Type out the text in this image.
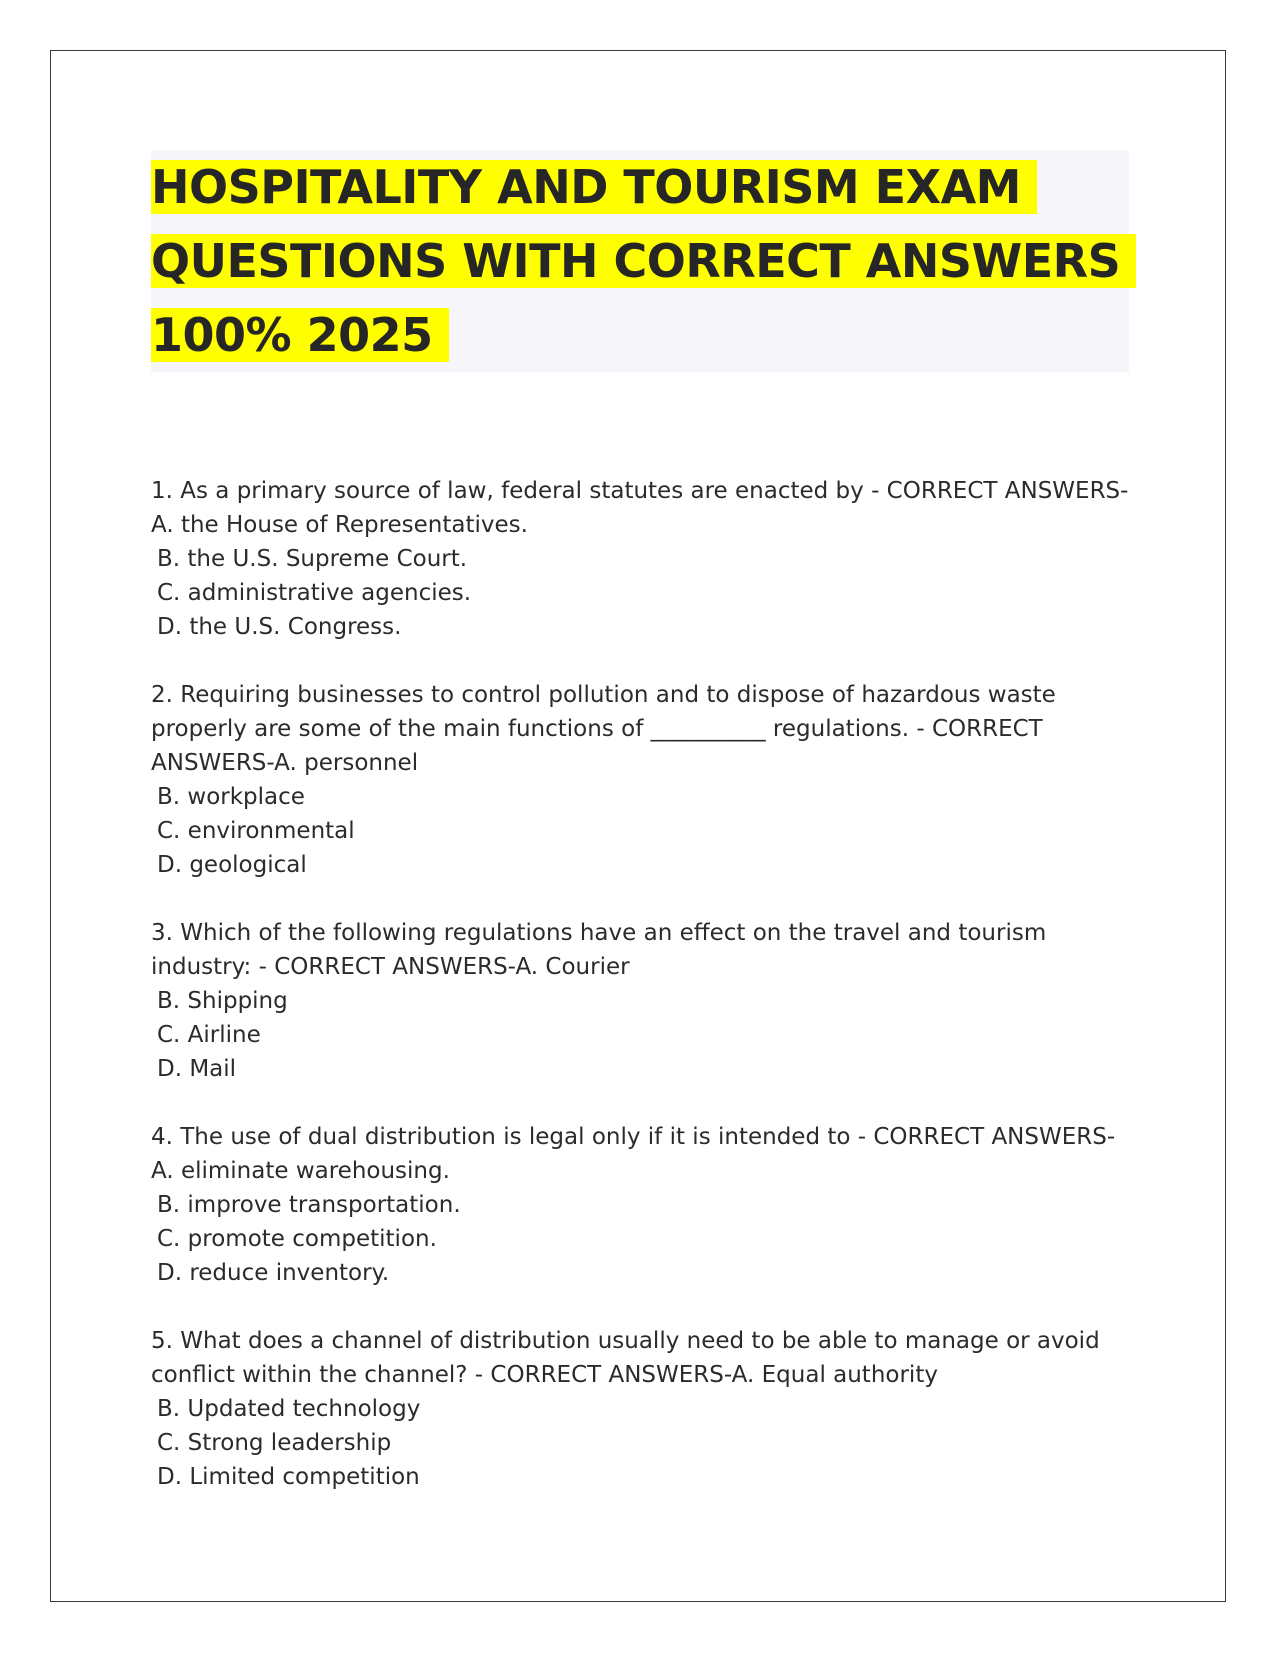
HOSPITALITY AND TOURISM EXAM QUESTIONS WITH CORRECT ANSWERS 100% 2025

1. As a primary source of law, federal statutes are enacted by - CORRECT ANSWERS-A. the House of Representatives.

B. the U.S. Supreme Court.

C. administrative agencies.

D. the U.S. Congress.

2. Requiring businesses to control pollution and to dispose of hazardous waste properly are some of the main functions of __________ regulations. - CORRECT ANSWERS-A. personnel

B. workplace

C. environmental

D. geological

3. Which of the following regulations have an effect on the travel and tourism industry: - CORRECT ANSWERS-A. Courier

B. Shipping

C. Airline

D. Mail

4. The use of dual distribution is legal only if it is intended to - CORRECT ANSWERS-A. eliminate warehousing.

B. improve transportation.

C. promote competition.

D. reduce inventory.

5. What does a channel of distribution usually need to be able to manage or avoid conflict within the channel? - CORRECT ANSWERS-A. Equal authority

B. Updated technology

C. Strong leadership

D. Limited competition
